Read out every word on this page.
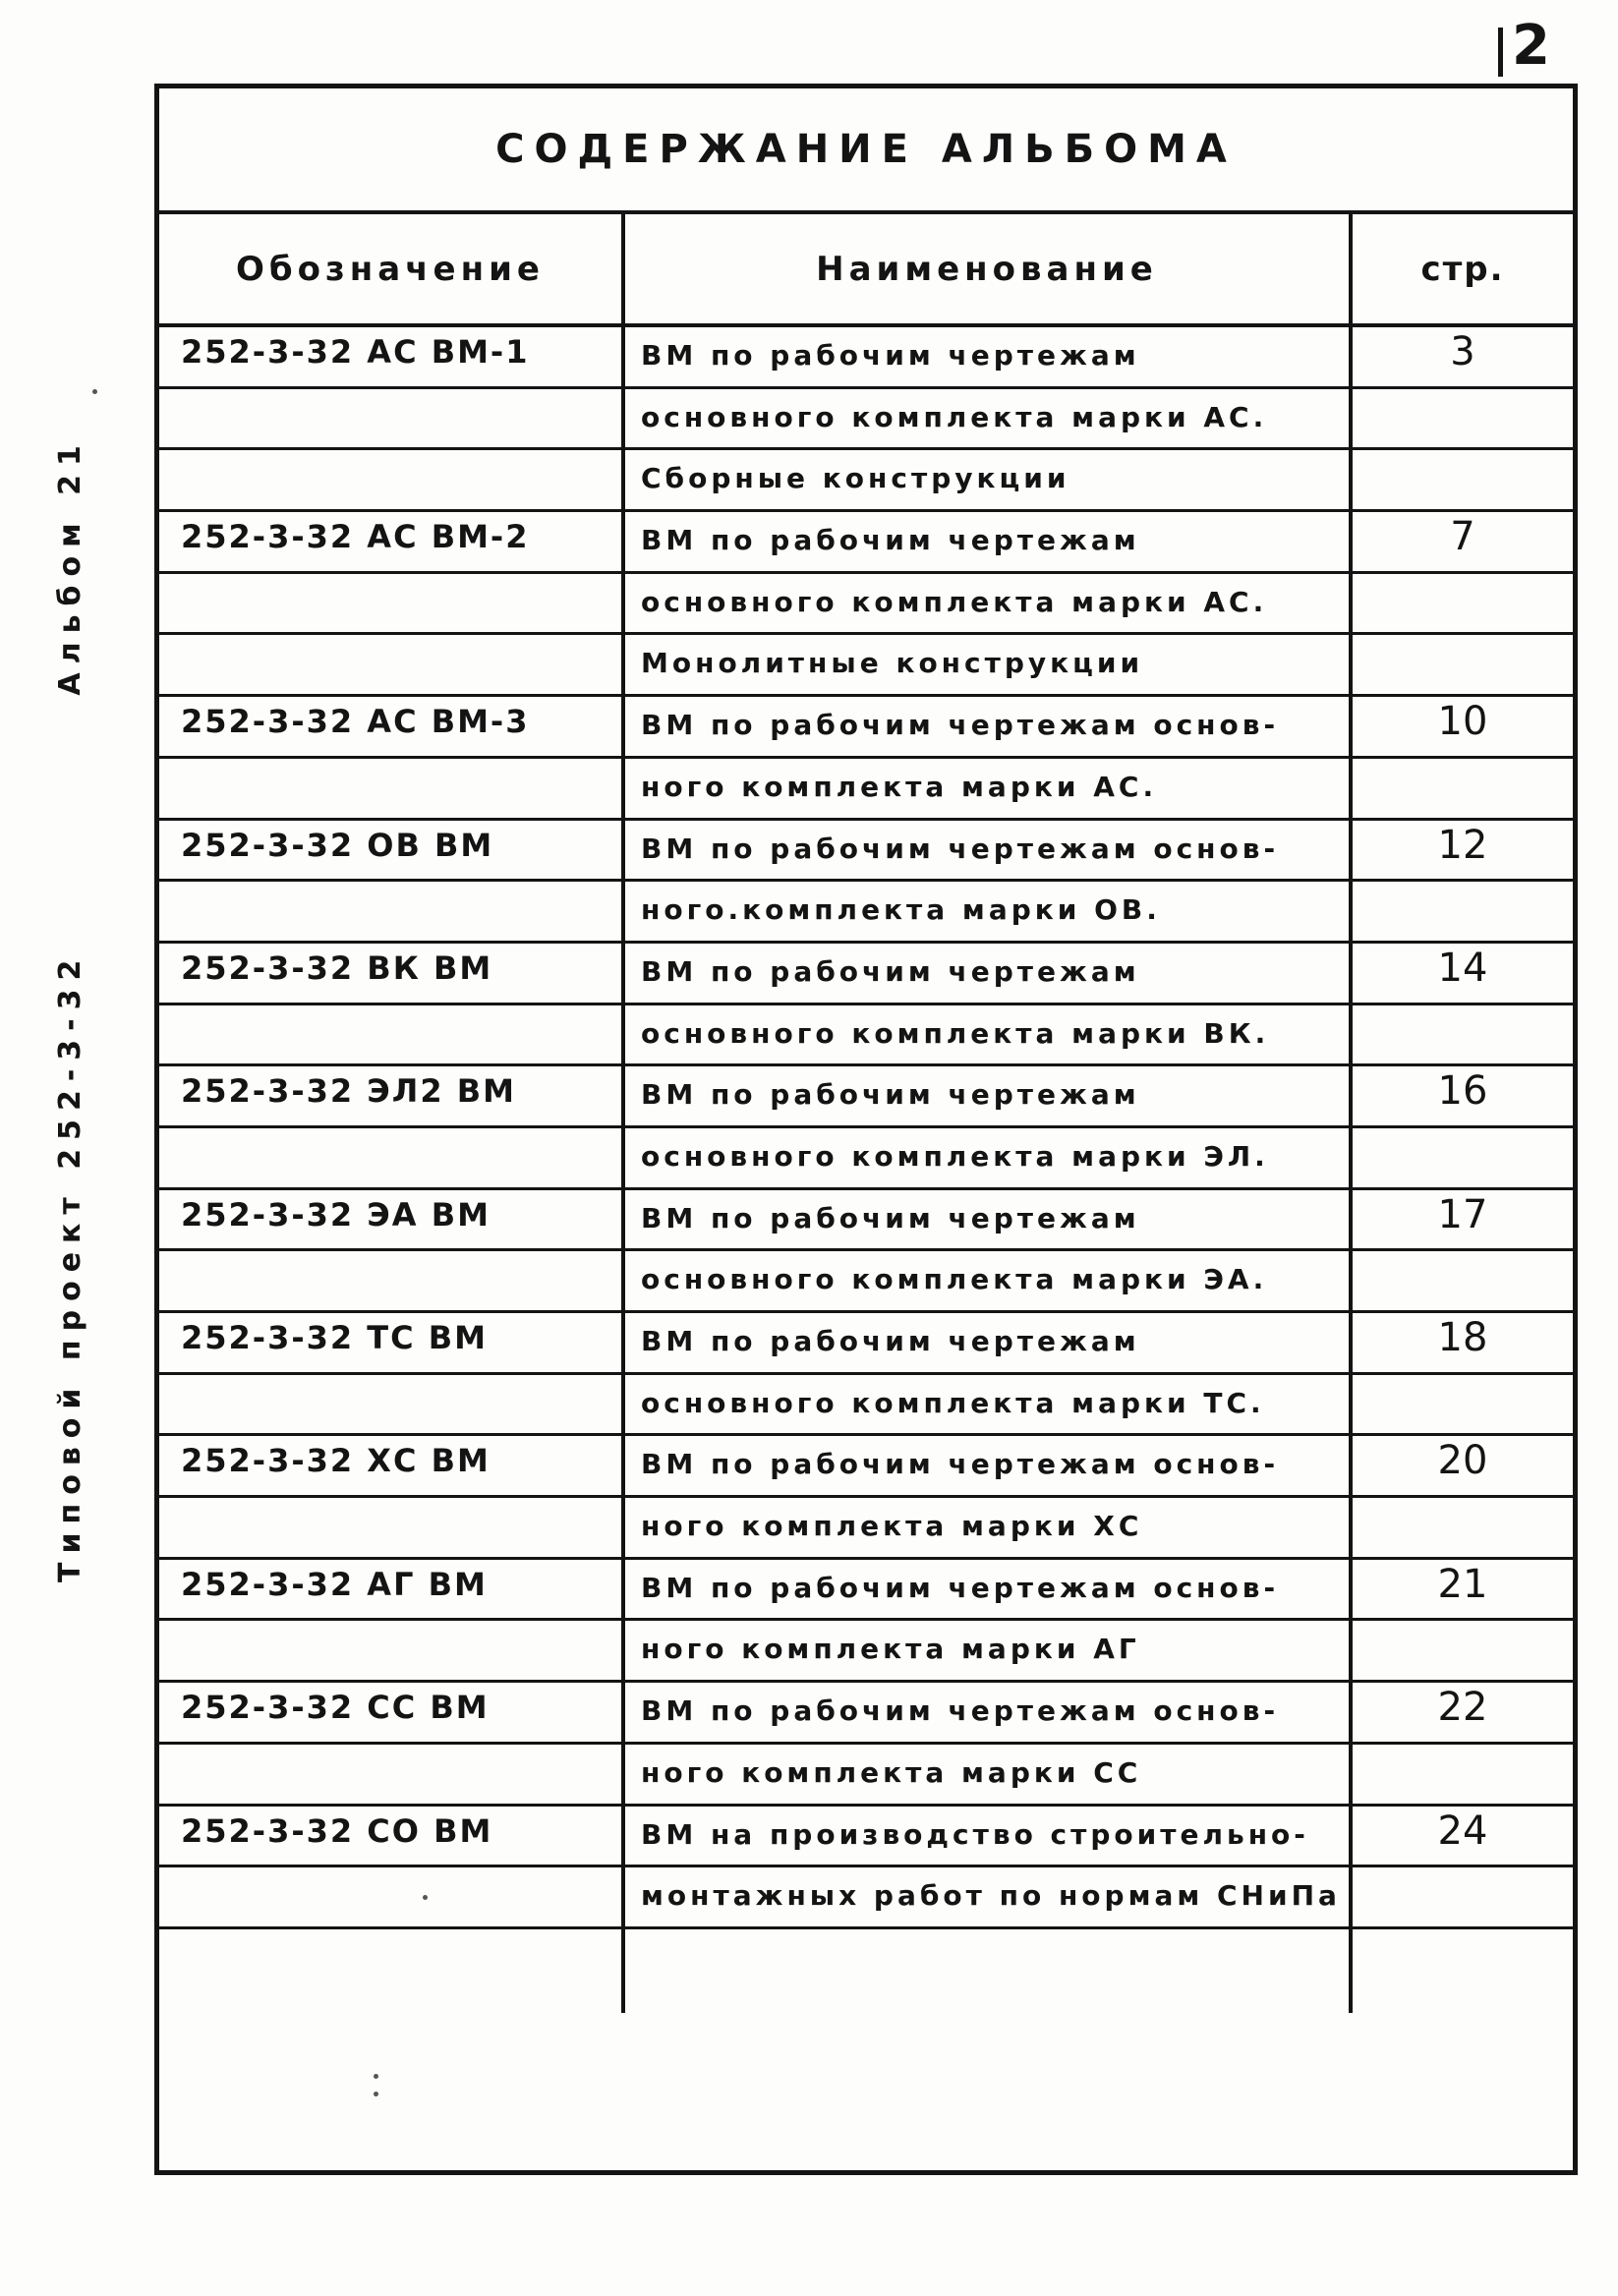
2
Типовой проект 252-3-32Альбом 21
СОДЕРЖАНИЕ АЛЬБОМА
Обозначение	Наименование	стр.
252-3-32 АС ВМ-1	ВМ по рабочим чертежам	3
основного комплекта марки АС.
Сборные конструкции
252-3-32 АС ВМ-2	ВМ по рабочим чертежам	7
основного комплекта марки АС.
Монолитные конструкции
252-3-32 АС ВМ-3	ВМ по рабочим чертежам основ-	10
ного комплекта марки АС.
252-3-32 ОВ ВМ	ВМ по рабочим чертежам основ-	12
ного.комплекта марки ОВ.
252-3-32 ВК ВМ	ВМ по рабочим чертежам	14
основного комплекта марки ВК.
252-3-32 ЭЛ2 ВМ	ВМ по рабочим чертежам	16
основного комплекта марки ЭЛ.
252-3-32 ЭА ВМ	ВМ по рабочим чертежам	17
основного комплекта марки ЭА.
252-3-32 ТС ВМ	ВМ по рабочим чертежам	18
основного комплекта марки ТС.
252-3-32 ХС ВМ	ВМ по рабочим чертежам основ-	20
ного комплекта марки ХС
252-3-32 АГ ВМ	ВМ по рабочим чертежам основ-	21
ного комплекта марки АГ
252-3-32 СС ВМ	ВМ по рабочим чертежам основ-	22
ного комплекта марки СС
252-3-32 СО ВМ	ВМ на производство строительно-	24
монтажных работ по нормам СНиПа
